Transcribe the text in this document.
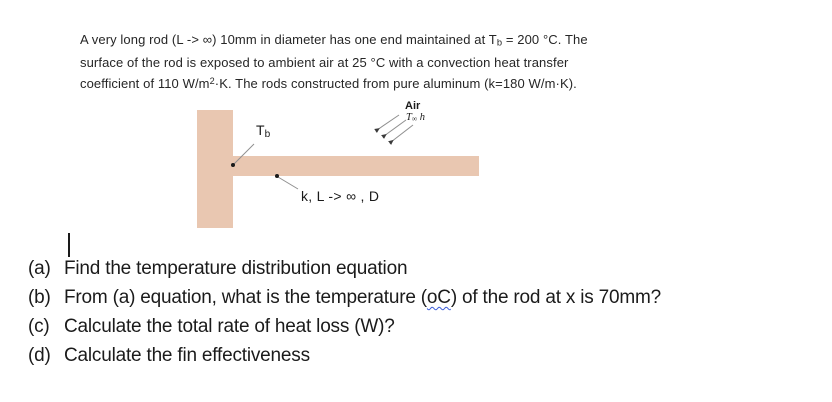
A very long rod (L -> ∞) 10mm in diameter has one end maintained at $T_b = 200$ °C. The
surface of the rod is exposed to ambient air at 25 °C with a convection heat transfer
coefficient of 110 $W/m^2\cdot K$. The rods constructed from pure aluminum (k=180 W/m·K).
$T_b$
Air
$T_\infty$ h
k, L -> ∞ , D
(a) Find the temperature distribution equation
(b) From (a) equation, what is the temperature (oC) of the rod at x is 70mm?
(c) Calculate the total rate of heat loss (W)?
(d) Calculate the fin effectiveness
